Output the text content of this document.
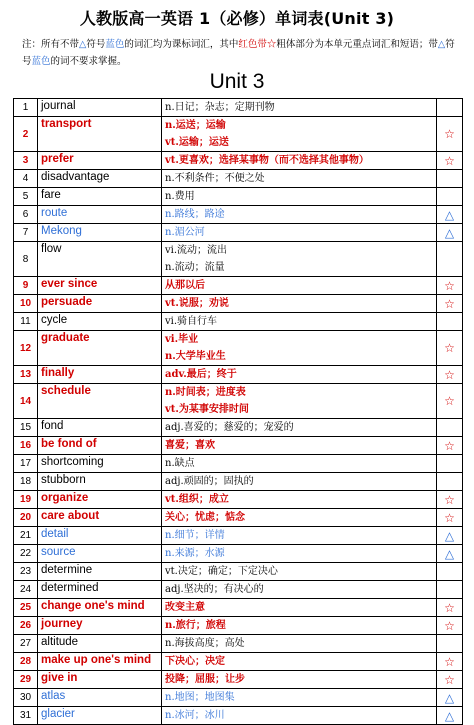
人教版高一英语 1（必修）单词表(Unit 3)
注：所有不带△符号蓝色的词汇均为课标词汇，其中红色带☆粗体部分为本单元重点词汇和短语；带△符号蓝色的词不要求掌握。
Unit 3
1	journal	n.日记；杂志；定期刊物	

2	transport	n.运送；运输
vt.运输；运送	☆
3	prefer	vt.更喜欢；选择某事物（而不选择其他事物）	☆
4	disadvantage	n.不利条件；不便之处	

5	fare	n.费用	

6	route	n.路线；路途	△
7	Mekong	n.湄公河	△
8	flow	vi.流动；流出
n.流动；流量	

9	ever since	从那以后	☆
10	persuade	vt.说服；劝说	☆
11	cycle	vi.骑自行车	

12	graduate	vi.毕业
n.大学毕业生	☆
13	finally	adv.最后；终于	☆
14	schedule	n.时间表；进度表
vt.为某事安排时间	☆
15	fond	adj.喜爱的；慈爱的；宠爱的	

16	be fond of	喜爱；喜欢	☆
17	shortcoming	n.缺点	

18	stubborn	adj.顽固的；固执的	

19	organize	vt.组织；成立	☆
20	care about	关心；忧虑；惦念	☆
21	detail	n.细节；详情	△
22	source	n.来源；水源	△
23	determine	vt.决定；确定；下定决心	

24	determined	adj.坚决的；有决心的	

25	change one's mind	改变主意	☆
26	journey	n.旅行；旅程	☆
27	altitude	n.海拔高度；高处	

28	make up one's mind	下决心；决定	☆
29	give in	投降；屈服；让步	☆
30	atlas	n.地图；地图集	△
31	glacier	n.冰河；冰川	△
